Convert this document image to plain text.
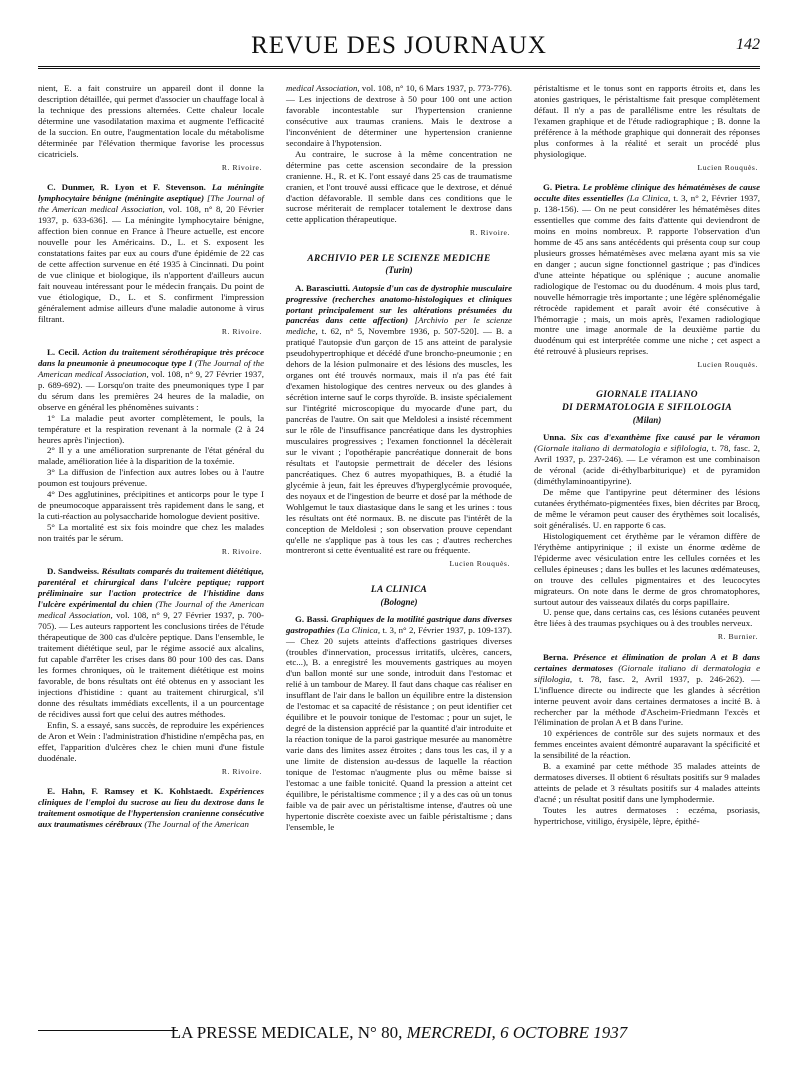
REVUE DES JOURNAUX	142

nient, E. a fait construire un appareil dont il donne la description détaillée, qui permet d'associer un chauffage local à la technique des pressions alternées. Cette chaleur locale détermine une vasodilatation maxima et augmente l'efficacité de la succion. En outre, l'augmentation locale du métabolisme déterminée par l'élévation thermique favorise les processus cicatriciels.

R. Rivoire.

C. Dunmer, R. Lyon et F. Stevenson. La méningite lymphocytaire bénigne (méningite aseptique) [The Journal of the American medical Association, vol. 108, n° 8, 20 Février 1937, p. 633-636]. — La méningite lymphocytaire bénigne, affection bien connue en France à l'heure actuelle, est encore nouvelle pour les Américains. D., L. et S. exposent les constatations faites par eux au cours d'une épidémie de 22 cas de cette affection survenue en été 1935 à Cincinnati. Du point de vue clinique et biologique, ils n'apportent d'ailleurs aucun fait nouveau intéressant pour le médecin français. Du point de vue étiologique, D., L. et S. confirment l'impression généralement admise ailleurs d'une maladie autonome à virus filtrant.

R. Rivoire.

L. Cecil. Action du traitement sérothérapique très précoce dans la pneumonie à pneumocoque type I (The Journal of the American medical Association, vol. 108, n° 9, 27 Février 1937, p. 689-692). — Lorsqu'on traite des pneumoniques type I par du sérum dans les premières 24 heures de la maladie, on observe en général les phénomènes suivants :

1° La maladie peut avorter complètement, le pouls, la température et la respiration revenant à la normale (2 à 24 heures après l'injection).

2° Il y a une amélioration surprenante de l'état général du malade, amélioration liée à la disparition de la toxémie.

3° La diffusion de l'infection aux autres lobes ou à l'autre poumon est toujours prévenue.

4° Des agglutinines, précipitines et anticorps pour le type I de pneumocoque apparaissent très rapidement dans le sang, et la cuti-réaction au polysaccharide homologue devient positive.

5° La mortalité est six fois moindre que chez les malades non traités par le sérum.

R. Rivoire.

D. Sandweiss. Résultats comparés du traitement diététique, parentéral et chirurgical dans l'ulcère peptique; rapport préliminaire sur l'action protectrice de l'histidine dans l'ulcère expérimental du chien (The Journal of the American medical Association, vol. 108, n° 9, 27 Février 1937, p. 700-705). — Les auteurs rapportent les conclusions tirées de l'étude thérapeutique de 300 cas d'ulcère peptique. Dans l'ensemble, le traitement diététique seul, par le régime associé aux alcalins, fut capable d'arrêter les crises dans 80 pour 100 des cas. Dans les formes chroniques, où le traitement diététique est moins favorable, de bons résultats ont été obtenus en y associant les injections d'histidine : quant au traitement chirurgical, s'il donne des résultats immédiats excellents, il a un pourcentage de récidives aussi fort que celui des autres méthodes.

Enfin, S. a essayé, sans succès, de reproduire les expériences de Aron et Wein : l'administration d'histidine n'empêcha pas, en effet, l'apparition d'ulcères chez le chien muni d'une fistule duodénale.

R. Rivoire.

E. Hahn, F. Ramsey et K. Kohlstaedt. Expériences cliniques de l'emploi du sucrose au lieu du dextrose dans le traitement osmotique de l'hypertension cranienne consécutive aux traumatismes cérébraux (The Journal of the American

medical Association, vol. 108, n° 10, 6 Mars 1937, p. 773-776). — Les injections de dextrose à 50 pour 100 ont une action favorable incontestable sur l'hypertension cranienne consécutive aux traumas craniens. Mais le dextrose a l'inconvénient de déterminer une hypertension cranienne secondaire à l'hypotension.

Au contraire, le sucrose à la même concentration ne détermine pas cette ascension secondaire de la pression cranienne. H., R. et K. l'ont essayé dans 25 cas de traumatisme cranien, et l'ont trouvé aussi efficace que le dextrose, et dénué d'action défavorable. Il semble dans ces conditions que le sucrose mériterait de remplacer totalement le dextrose dans cette application thérapeutique.

R. Rivoire.
ARCHIVIO PER LE SCIENZE MEDICHE
(Turin)

A. Barasciutti. Autopsie d'un cas de dystrophie musculaire progressive (recherches anatomo-histologiques et cliniques portant principalement sur les altérations présumées du pancréas dans cette affection) [Archivio per le scienze mediche, t. 62, n° 5, Novembre 1936, p. 507-520]. — B. a pratiqué l'autopsie d'un garçon de 15 ans atteint de paralysie pseudohypertrophique et décédé d'une broncho-pneumonie ; en dehors de la lésion pulmonaire et des lésions des muscles, les organes ont été trouvés normaux, mais il n'a pas été fait d'examen histologique des centres nerveux ou des glandes à sécrétion interne sauf le corps thyroïde. B. insiste spécialement sur l'intégrité microscopique du myocarde d'une part, du pancréas de l'autre. On sait que Meldolesi a insisté récemment sur le rôle de l'insuffisance pancréatique dans les dystrophies musculaires progressives ; l'examen fonctionnel la décèlerait sur le vivant ; l'opothérapie pancréatique donnerait de bons résultats et l'autopsie permettrait de déceler des lésions pancréatiques. Chez 6 autres myopathiques, B. a étudié la glycémie à jeun, fait les épreuves d'hyperglycémie provoquée, des noyaux et de l'ingestion de beurre et dosé par la méthode de Wohlgemut le taux diastasique dans le sang et les urines : tous les résultats ont été normaux. B. ne discute pas l'intérêt de la conception de Meldolesi ; son observation prouve cependant qu'elle ne s'applique pas à tous les cas ; d'autres recherches montreront si cette éventualité est rare ou fréquente.

Lucien Rouquès.
LA CLINICA
(Bologne)

G. Bassi. Graphiques de la motilité gastrique dans diverses gastropathies (La Clinica, t. 3, n° 2, Février 1937, p. 109-137). — Chez 20 sujets atteints d'affections gastriques diverses (troubles d'innervation, processus irritatifs, ulcères, cancers, etc...), B. a enregistré les mouvements gastriques au moyen d'un ballon monté sur une sonde, introduit dans l'estomac et relié à un tambour de Marey. Il faut dans chaque cas réaliser en insufflant de l'air dans le ballon un équilibre entre la distension de l'estomac et sa capacité de résistance ; on peut identifier cet équilibre et le pouvoir tonique de l'estomac ; pour un sujet, le degré de la distension apprécié par la quantité d'air introduite et la réaction tonique de la paroi gastrique mesurée au manomètre varie dans des limites assez étroites ; dans tous les cas, il y a une limite de distension au-dessus de laquelle la réaction tonique de l'estomac n'augmente plus ou même baisse si l'estomac a une faible tonicité. Quand la pression a atteint cet équilibre, le péristaltisme commence ; il y a des cas où un tonus faible va de pair avec un péristaltisme intense, d'autres où une hypertonie discrète coexiste avec un faible péristaltisme ; dans l'ensemble, le

péristaltisme et le tonus sont en rapports étroits et, dans les atonies gastriques, le péristaltisme fait presque complètement défaut. Il n'y a pas de parallélisme entre les résultats de l'examen graphique et de l'étude radiographique ; B. donne la préférence à la méthode graphique qui donnerait des réponses plus conformes à la réalité et serait un procédé plus physiologique.

Lucien Rouquès.

G. Pietra. Le problème clinique des hématémèses de cause occulte dites essentielles (La Clinica, t. 3, n° 2, Février 1937, p. 138-156). — On ne peut considérer les hématémèses dites essentielles que comme des faits d'attente qui deviendront de moins en moins nombreux. P. rapporte l'observation d'un homme de 45 ans sans antécédents qui présenta coup sur coup plusieurs grosses hématémèses avec melæna ayant mis sa vie en danger ; aucun signe fonctionnel gastrique ; pas d'indices d'une atteinte hépatique ou splénique ; aucune anomalie radiologique de l'estomac ou du duodénum. 4 mois plus tard, nouvelle hémorragie très importante ; une légère splénomégalie rétrocède rapidement et paraît avoir été consécutive à l'hémorragie ; mais, un mois après, l'examen radiologique montre une image anormale de la deuxième partie du duodénum qui est interprétée comme une niche ; cet aspect a été retrouvé à plusieurs reprises.

Lucien Rouquès.
GIORNALE ITALIANO
DI DERMATOLOGIA E SIFILOLOGIA
(Milan)

Unna. Six cas d'exanthème fixe causé par le véramon (Giornale italiano di dermatologia e sifilologia, t. 78, fasc. 2, Avril 1937, p. 237-246). — Le véramon est une combinaison de véronal (acide di-éthylbarbiturique) et de pyramidon (diméthylaminoantipyrine).

De même que l'antipyrine peut déterminer des lésions cutanées érythémato-pigmentées fixes, bien décrites par Brocq, de même le véramon peut causer des érythèmes soit localisés, soit généralisés. U. en rapporte 6 cas.

Histologiquement cet érythème par le véramon diffère de l'érythème antipyrinique ; il existe un énorme œdème de l'épiderme avec vésiculation entre les cellules cornées et les cellules épineuses ; dans les bulles et les lacunes œdémateuses, on trouve des cellules pigmentaires et des leucocytes migrateurs. On note dans le derme de gros chromatophores, surtout autour des vaisseaux dilatés du corps papillaire.

U. pense que, dans certains cas, ces lésions cutanées peuvent être liées à des traumas psychiques ou à des troubles nerveux.

R. Burnier.

Berna. Présence et élimination de prolan A et B dans certaines dermatoses (Giornale italiano di dermatologia e sifilologia, t. 78, fasc. 2, Avril 1937, p. 246-262). — L'influence directe ou indirecte que les glandes à sécrétion interne peuvent avoir dans certaines dermatoses a incité B. à rechercher par la méthode d'Ascheim-Friedmann l'excès et l'élimination de prolan A et B dans l'urine.

10 expériences de contrôle sur des sujets normaux et des femmes enceintes avaient démontré auparavant la spécificité et la sensibilité de la réaction.

B. a examiné par cette méthode 35 malades atteints de dermatoses diverses. Il obtient 6 résultats positifs sur 9 malades atteints de pelade et 3 résultats positifs sur 4 malades atteints d'acné ; un résultat positif dans une lymphodermie.

Toutes les autres dermatoses : eczéma, psoriasis, hypertrichose, vitiligo, érysipèle, lèpre, épithé-

LA PRESSE MEDICALE, N° 80, MERCREDI, 6 OCTOBRE 1937
